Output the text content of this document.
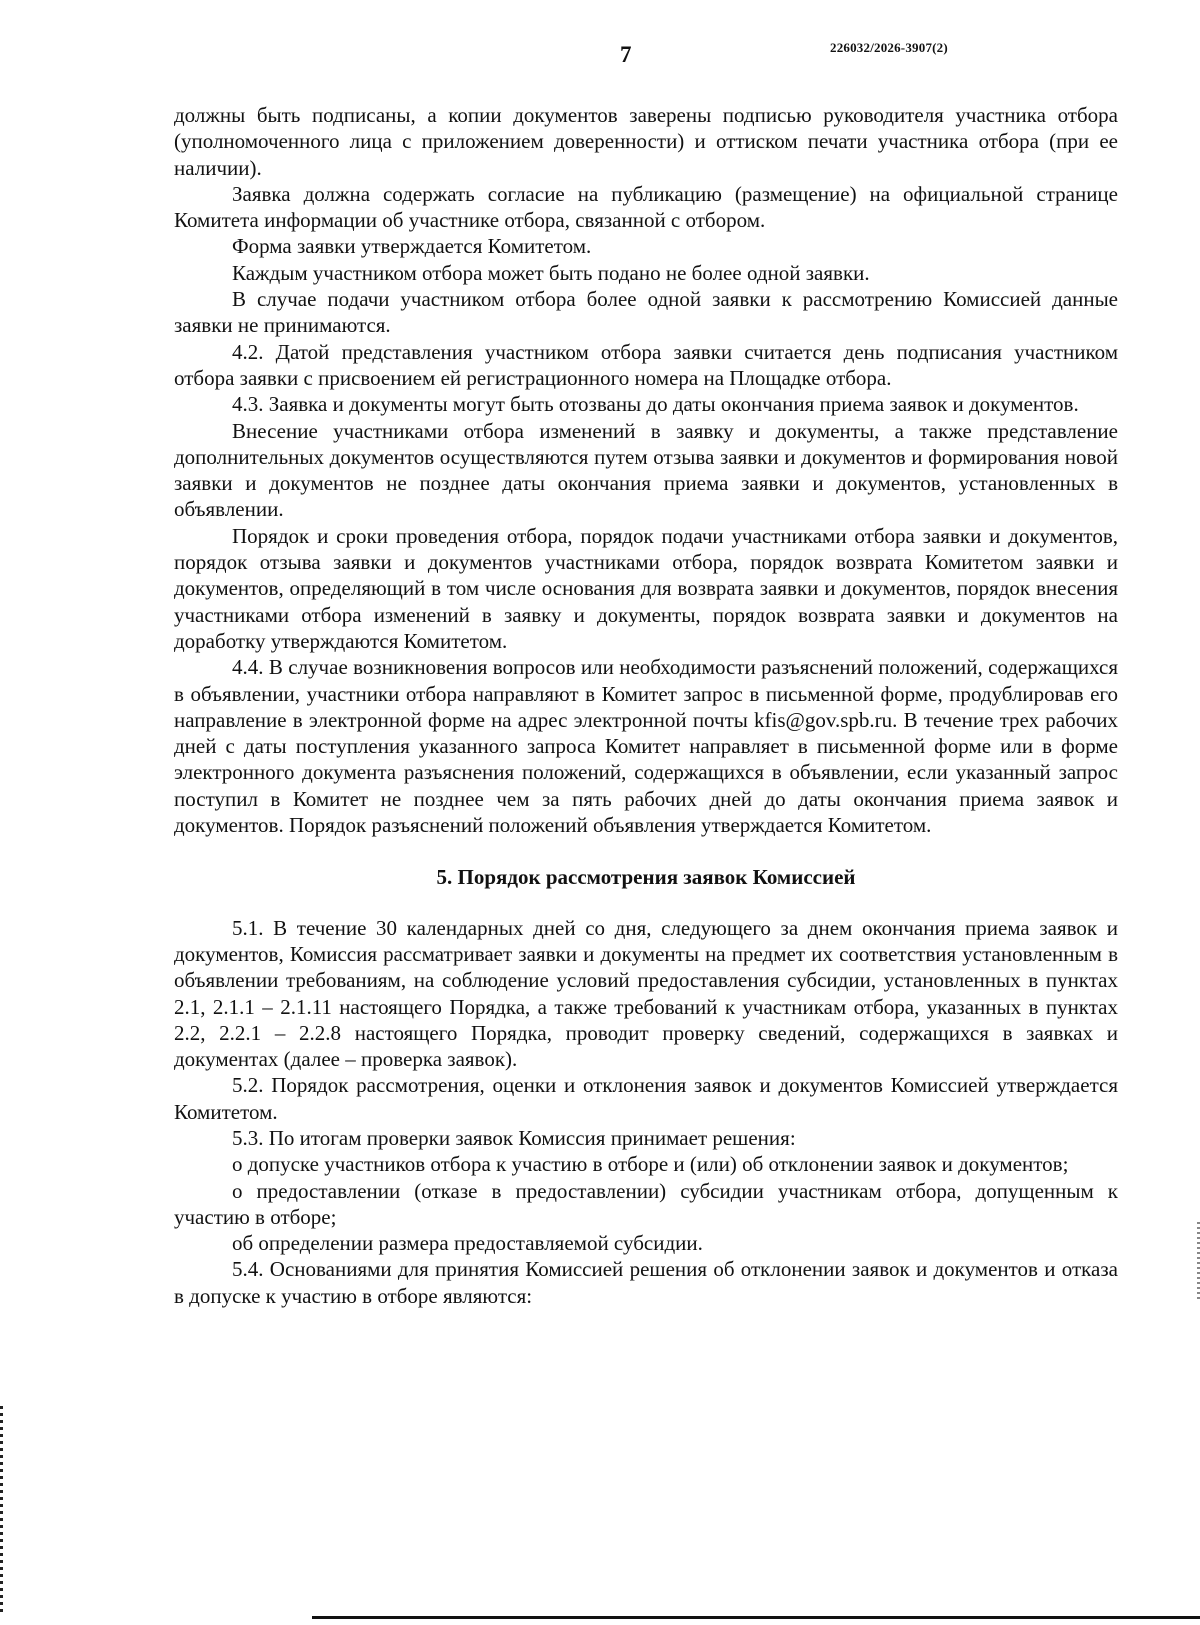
7	226032/2026-3907(2)

должны быть подписаны, а копии документов заверены подписью руководителя участника отбора (уполномоченного лица с приложением доверенности) и оттиском печати участника отбора (при ее наличии).

Заявка должна содержать согласие на публикацию (размещение) на официальной странице Комитета информации об участнике отбора, связанной с отбором.

Форма заявки утверждается Комитетом.

Каждым участником отбора может быть подано не более одной заявки.

В случае подачи участником отбора более одной заявки к рассмотрению Комиссией данные заявки не принимаются.

4.2. Датой представления участником отбора заявки считается день подписания участником отбора заявки с присвоением ей регистрационного номера на Площадке отбора.

4.3. Заявка и документы могут быть отозваны до даты окончания приема заявок и документов.

Внесение участниками отбора изменений в заявку и документы, а также представление дополнительных документов осуществляются путем отзыва заявки и документов и формирования новой заявки и документов не позднее даты окончания приема заявки и документов, установленных в объявлении.

Порядок и сроки проведения отбора, порядок подачи участниками отбора заявки и документов, порядок отзыва заявки и документов участниками отбора, порядок возврата Комитетом заявки и документов, определяющий в том числе основания для возврата заявки и документов, порядок внесения участниками отбора изменений в заявку и документы, порядок возврата заявки и документов на доработку утверждаются Комитетом.

4.4. В случае возникновения вопросов или необходимости разъяснений положений, содержащихся в объявлении, участники отбора направляют в Комитет запрос в письменной форме, продублировав его направление в электронной форме на адрес электронной почты kfis@gov.spb.ru. В течение трех рабочих дней с даты поступления указанного запроса Комитет направляет в письменной форме или в форме электронного документа разъяснения положений, содержащихся в объявлении, если указанный запрос поступил в Комитет не позднее чем за пять рабочих дней до даты окончания приема заявок и документов. Порядок разъяснений положений объявления утверждается Комитетом.

5. Порядок рассмотрения заявок Комиссией

5.1. В течение 30 календарных дней со дня, следующего за днем окончания приема заявок и документов, Комиссия рассматривает заявки и документы на предмет их соответствия установленным в объявлении требованиям, на соблюдение условий предоставления субсидии, установленных в пунктах 2.1, 2.1.1 – 2.1.11 настоящего Порядка, а также требований к участникам отбора, указанных в пунктах 2.2, 2.2.1 – 2.2.8 настоящего Порядка, проводит проверку сведений, содержащихся в заявках и документах (далее – проверка заявок).

5.2. Порядок рассмотрения, оценки и отклонения заявок и документов Комиссией утверждается Комитетом.

5.3. По итогам проверки заявок Комиссия принимает решения:

о допуске участников отбора к участию в отборе и (или) об отклонении заявок и документов;

о предоставлении (отказе в предоставлении) субсидии участникам отбора, допущенным к участию в отборе;

об определении размера предоставляемой субсидии.

5.4. Основаниями для принятия Комиссией решения об отклонении заявок и документов и отказа в допуске к участию в отборе являются:
